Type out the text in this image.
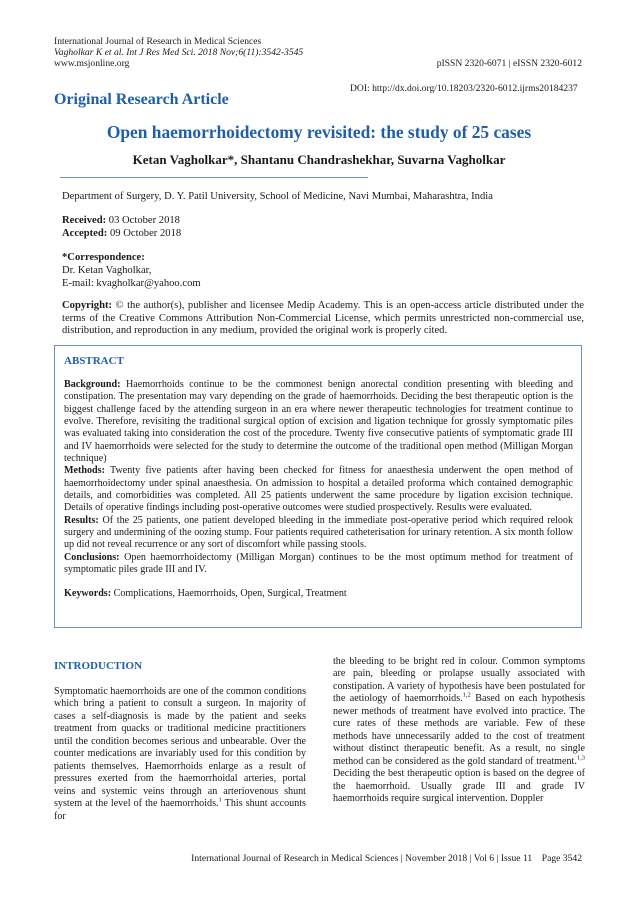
International Journal of Research in Medical Sciences
Vagholkar K et al. Int J Res Med Sci. 2018 Nov;6(11):3542-3545
www.msjonline.org	pISSN 2320-6071 | eISSN 2320-6012
DOI: http://dx.doi.org/10.18203/2320-6012.ijrms20184237
Original Research Article
Open haemorrhoidectomy revisited: the study of 25 cases
Ketan Vagholkar*, Shantanu Chandrashekhar, Suvarna Vagholkar
Department of Surgery, D. Y. Patil University, School of Medicine, Navi Mumbai, Maharashtra, India
Received: 03 October 2018
Accepted: 09 October 2018
*Correspondence:
Dr. Ketan Vagholkar,
E-mail: kvagholkar@yahoo.com
Copyright: © the author(s), publisher and licensee Medip Academy. This is an open-access article distributed under the terms of the Creative Commons Attribution Non-Commercial License, which permits unrestricted non-commercial use, distribution, and reproduction in any medium, provided the original work is properly cited.
ABSTRACT

Background: Haemorrhoids continue to be the commonest benign anorectal condition presenting with bleeding and constipation. The presentation may vary depending on the grade of haemorrhoids. Deciding the best therapeutic option is the biggest challenge faced by the attending surgeon in an era where newer therapeutic technologies for treatment continue to evolve. Therefore, revisiting the traditional surgical option of excision and ligation technique for grossly symptomatic piles was evaluated taking into consideration the cost of the procedure. Twenty five consecutive patients of symptomatic grade III and IV haemorrhoids were selected for the study to determine the outcome of the traditional open method (Milligan Morgan technique)

Methods: Twenty five patients after having been checked for fitness for anaesthesia underwent the open method of haemorrhoidectomy under spinal anaesthesia. On admission to hospital a detailed proforma which contained demographic details, and comorbidities was completed. All 25 patients underwent the same procedure by ligation excision technique. Details of operative findings including post-operative outcomes were studied prospectively. Results were evaluated.

Results: Of the 25 patients, one patient developed bleeding in the immediate post-operative period which required relook surgery and undermining of the oozing stump. Four patients required catheterisation for urinary retention. A six month follow up did not reveal recurrence or any sort of discomfort while passing stools.

Conclusions: Open haemorrhoidectomy (Milligan Morgan) continues to be the most optimum method for treatment of symptomatic piles grade III and IV.

Keywords: Complications, Haemorrhoids, Open, Surgical, Treatment

INTRODUCTION
Symptomatic haemorrhoids are one of the common conditions which bring a patient to consult a surgeon. In majority of cases a self-diagnosis is made by the patient and seeks treatment from quacks or traditional medicine practitioners until the condition becomes serious and unbearable. Over the counter medications are invariably used for this condition by patients themselves. Haemorrhoids enlarge as a result of pressures exerted from the haemorrhoidal arteries, portal veins and systemic veins through an arteriovenous shunt system at the level of the haemorrhoids.$^1$ This shunt accounts for
the bleeding to be bright red in colour. Common symptoms are pain, bleeding or prolapse usually associated with constipation. A variety of hypothesis have been postulated for the aetiology of haemorrhoids.$^{1,2}$ Based on each hypothesis newer methods of treatment have evolved into practice. The cure rates of these methods are variable. Few of these methods have unnecessarily added to the cost of treatment without distinct therapeutic benefit. As a result, no single method can be considered as the gold standard of treatment.$^{1,3}$ Deciding the best therapeutic option is based on the degree of the haemorrhoid. Usually grade III and grade IV haemorrhoids require surgical intervention. Doppler
International Journal of Research in Medical Sciences | November 2018 | Vol 6 | Issue 11    Page 3542
